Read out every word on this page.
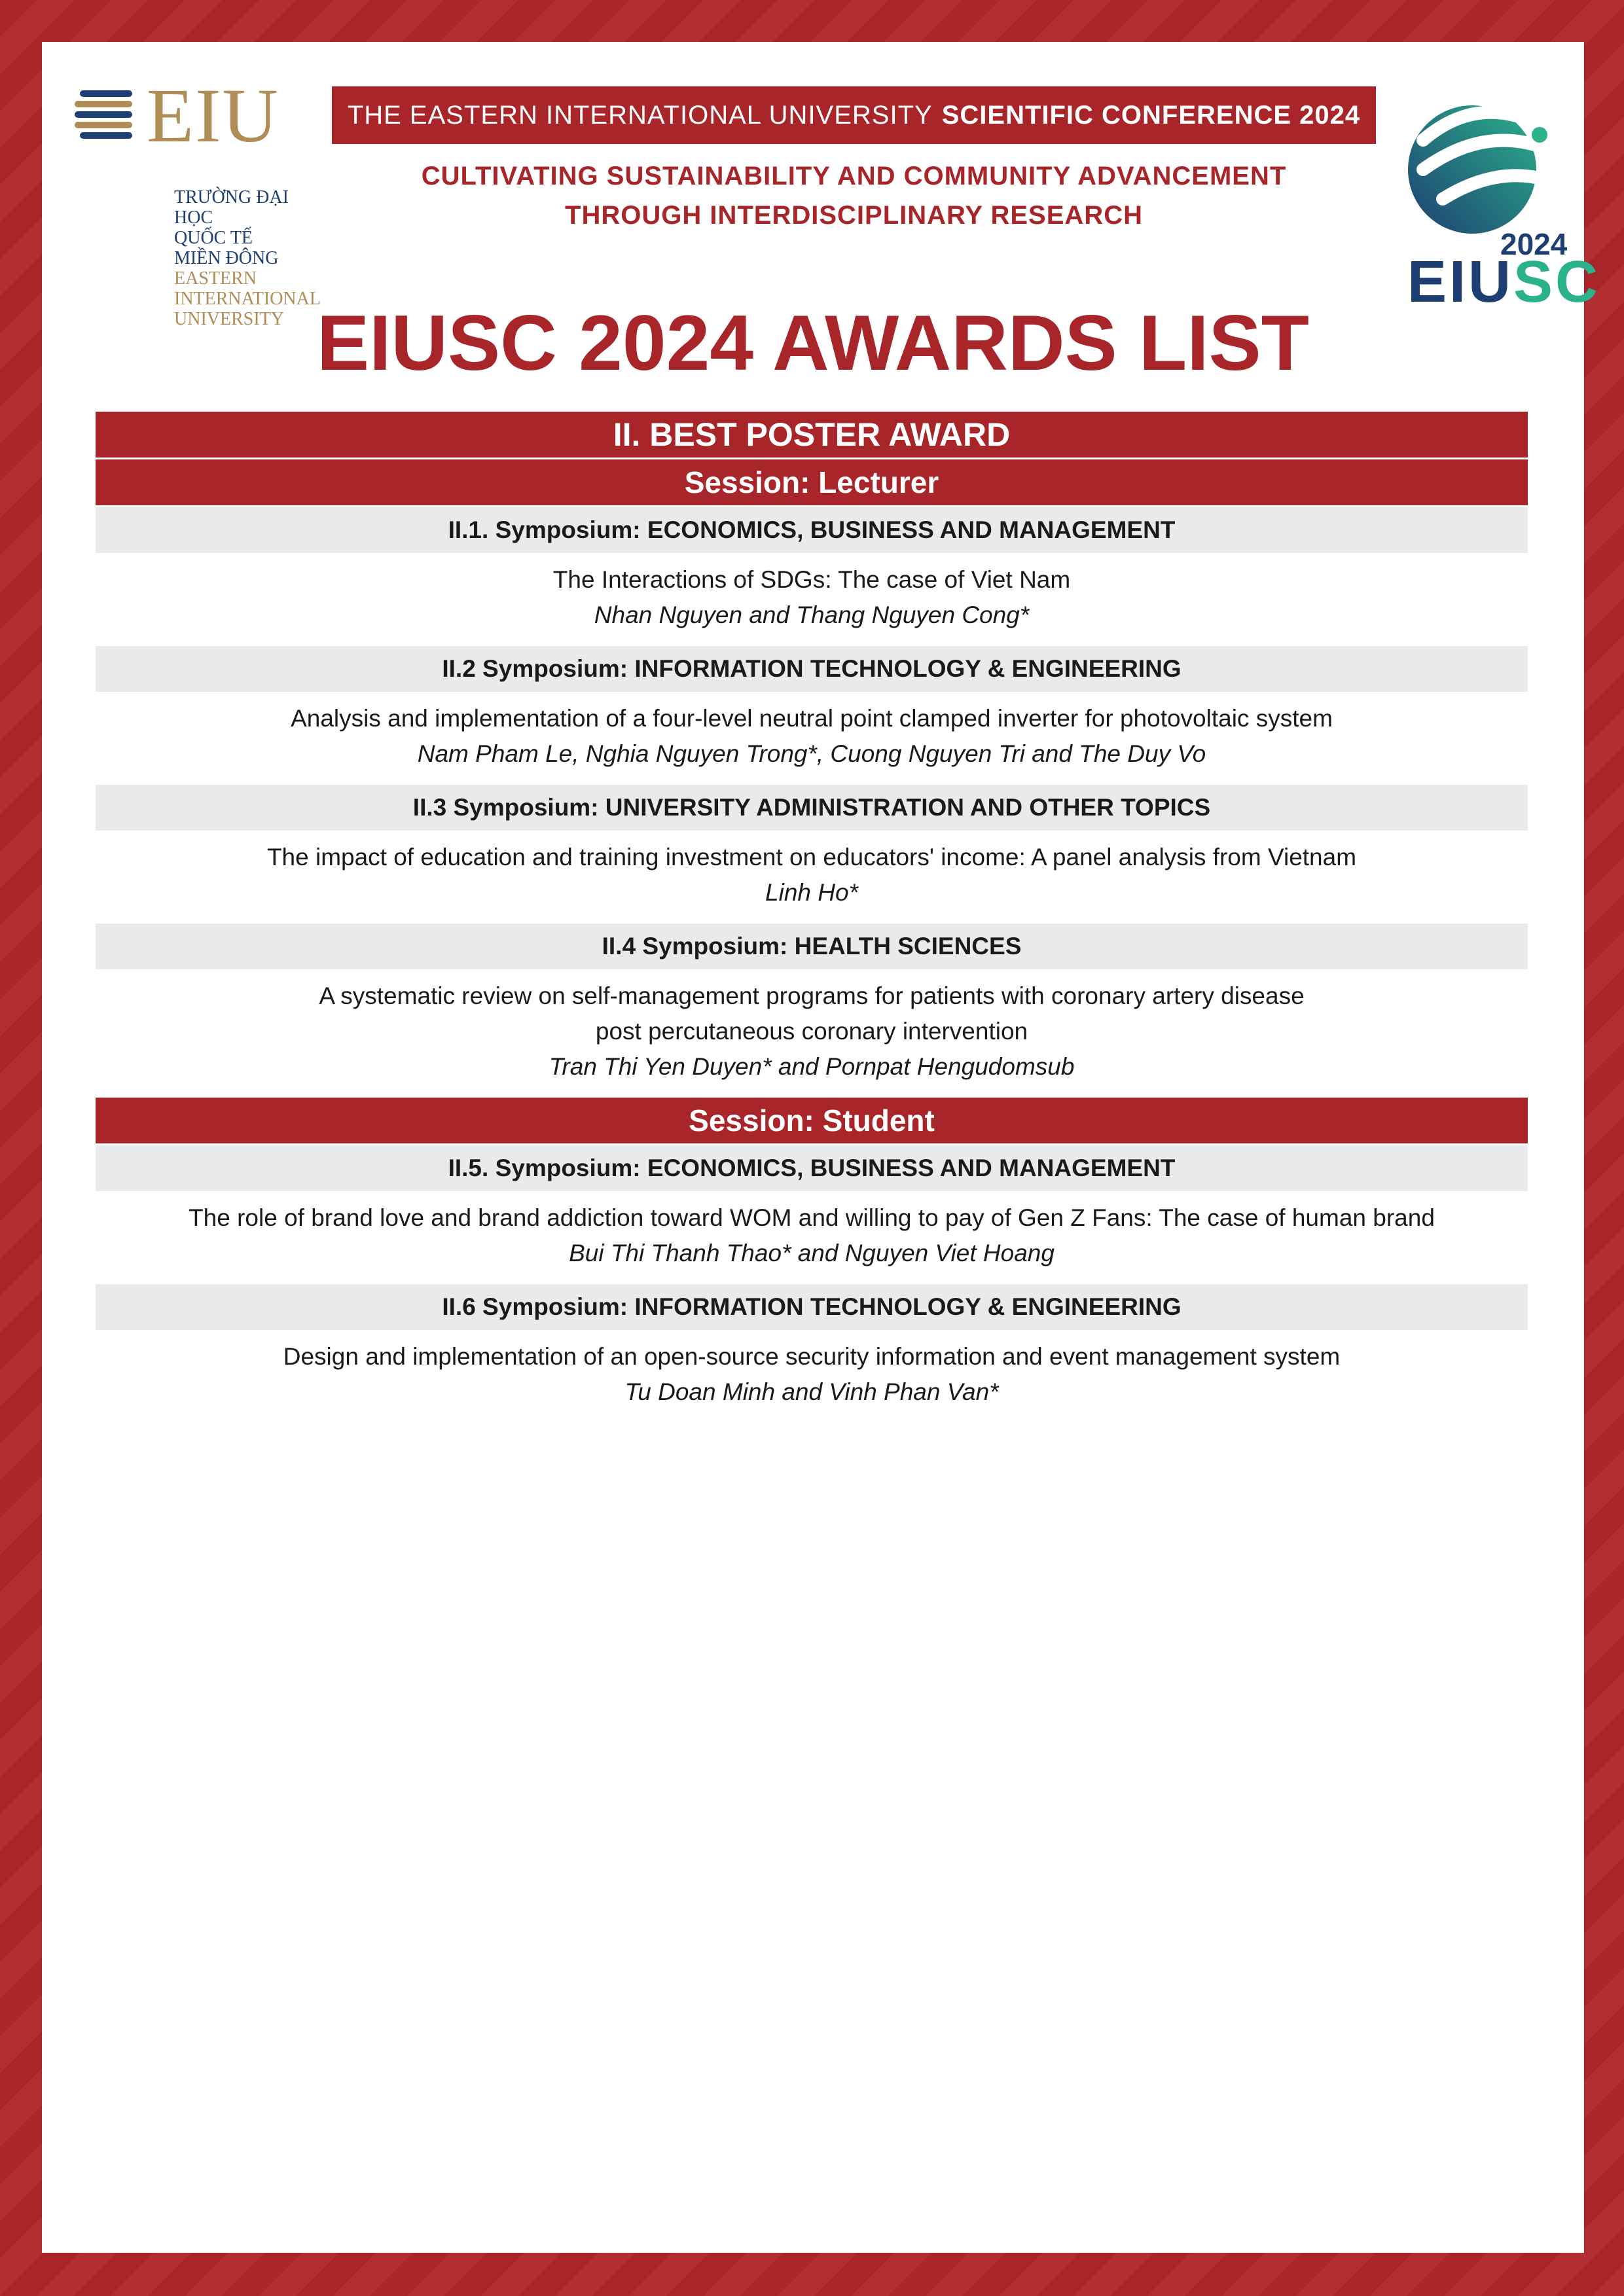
EIU
TRƯỜNG ĐẠI HỌC
QUỐC TẾ
MIỀN ĐÔNG
EASTERN
INTERNATIONAL
UNIVERSITY
THE EASTERN INTERNATIONAL UNIVERSITY SCIENTIFIC CONFERENCE 2024
CULTIVATING SUSTAINABILITY AND COMMUNITY ADVANCEMENT
THROUGH INTERDISCIPLINARY RESEARCH
2024
EIUSC
EIUSC 2024 AWARDS LIST
II. BEST POSTER AWARD
Session: Lecturer
II.1. Symposium: ECONOMICS, BUSINESS AND MANAGEMENT
The Interactions of SDGs: The case of Viet Nam
Nhan Nguyen and Thang Nguyen Cong*
II.2 Symposium: INFORMATION TECHNOLOGY & ENGINEERING
Analysis and implementation of a four-level neutral point clamped inverter for photovoltaic system
Nam Pham Le, Nghia Nguyen Trong*, Cuong Nguyen Tri and The Duy Vo
II.3 Symposium: UNIVERSITY ADMINISTRATION AND OTHER TOPICS
The impact of education and training investment on educators' income: A panel analysis from Vietnam
Linh Ho*
II.4 Symposium: HEALTH SCIENCES
A systematic review on self-management programs for patients with coronary artery disease
post percutaneous coronary intervention
Tran Thi Yen Duyen* and Pornpat Hengudomsub
Session: Student
II.5. Symposium: ECONOMICS, BUSINESS AND MANAGEMENT
The role of brand love and brand addiction toward WOM and willing to pay of Gen Z Fans: The case of human brand
Bui Thi Thanh Thao* and Nguyen Viet Hoang
II.6 Symposium: INFORMATION TECHNOLOGY & ENGINEERING
Design and implementation of an open-source security information and event management system
Tu Doan Minh and Vinh Phan Van*
